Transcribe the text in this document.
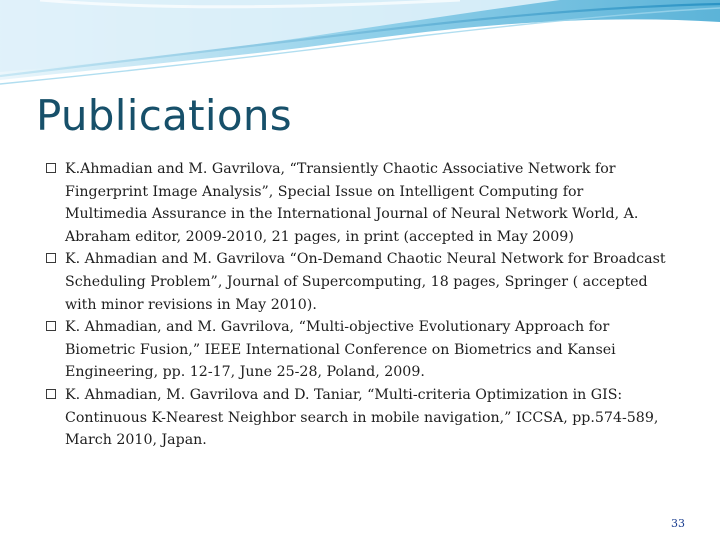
Publications
K.Ahmadian and M. Gavrilova, “Transiently Chaotic Associative Network for Fingerprint Image Analysis”, Special Issue on Intelligent Computing for Multimedia Assurance in the International Journal of Neural Network World, A. Abraham editor, 2009-2010, 21 pages, in print (accepted in May 2009)
K. Ahmadian and M. Gavrilova “On-Demand Chaotic Neural Network for Broadcast Scheduling Problem”, Journal of Supercomputing, 18 pages, Springer ( accepted with minor revisions in May 2010).
K. Ahmadian, and M. Gavrilova, “Multi-objective Evolutionary Approach for Biometric Fusion,” IEEE International Conference on Biometrics and Kansei Engineering, pp. 12-17, June 25-28, Poland, 2009.
K. Ahmadian, M. Gavrilova and D. Taniar, “Multi-criteria Optimization in GIS: Continuous K-Nearest Neighbor search in mobile navigation,” ICCSA, pp.574-589, March 2010, Japan.
33
